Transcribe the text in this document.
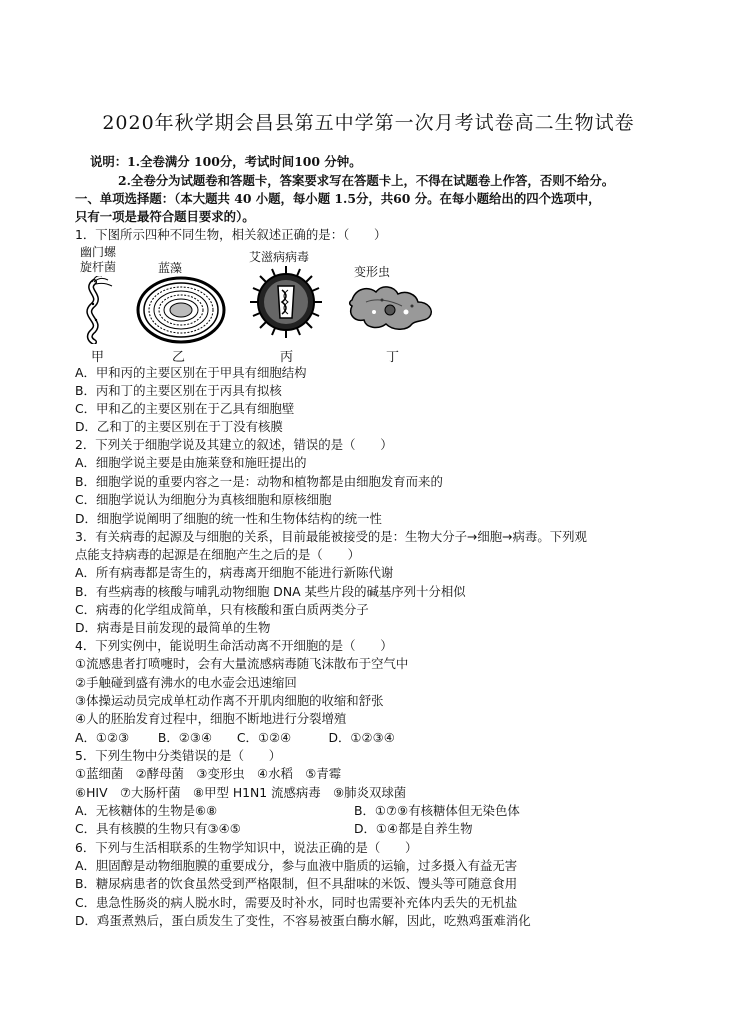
2020年秋学期会昌县第五中学第一次月考试卷高二生物试卷
说明：1.全卷满分 100分，考试时间100 分钟。
2.全卷分为试题卷和答题卡，答案要求写在答题卡上，不得在试题卷上作答，否则不给分。
一、单项选择题：（本大题共 40 小题，每小题 1.5分，共60 分。在每小题给出的四个选项中，
只有一项是最符合题目要求的）。
1．下图所示四种不同生物，相关叙述正确的是：（　　）
幽门螺
旋杆菌	蓝藻
艾滋病病毒
变形虫
甲	乙	丙	丁
A．甲和丙的主要区别在于甲具有细胞结构
B．丙和丁的主要区别在于丙具有拟核
C．甲和乙的主要区别在于乙具有细胞壁
D．乙和丁的主要区别在于丁没有核膜
2．下列关于细胞学说及其建立的叙述，错误的是（　　）
A．细胞学说主要是由施莱登和施旺提出的
B．细胞学说的重要内容之一是：动物和植物都是由细胞发育而来的
C．细胞学说认为细胞分为真核细胞和原核细胞
D．细胞学说阐明了细胞的统一性和生物体结构的统一性
3．有关病毒的起源及与细胞的关系，目前最能被接受的是：生物大分子→细胞→病毒。下列观
点能支持病毒的起源是在细胞产生之后的是（　　）
A．所有病毒都是寄生的，病毒离开细胞不能进行新陈代谢
B．有些病毒的核酸与哺乳动物细胞 DNA 某些片段的碱基序列十分相似
C．病毒的化学组成简单，只有核酸和蛋白质两类分子
D．病毒是目前发现的最简单的生物
4．下列实例中，能说明生命活动离不开细胞的是（　　）
①流感患者打喷嚏时，会有大量流感病毒随飞沫散布于空气中
②手触碰到盛有沸水的电水壶会迅速缩回
③体操运动员完成单杠动作离不开肌肉细胞的收缩和舒张
④人的胚胎发育过程中，细胞不断地进行分裂增殖
A．①②③　　 B．②③④　　C．①②④　　　D．①②③④
5．下列生物中分类错误的是（　　）
①蓝细菌　②酵母菌　③变形虫　④水稻　⑤青霉
⑥HIV　⑦大肠杆菌　⑧甲型 H1N1 流感病毒　⑨肺炎双球菌
A．无核糖体的生物是⑥⑧	B．①⑦⑨有核糖体但无染色体
C．具有核膜的生物只有③④⑤	D．①④都是自养生物
6．下列与生活相联系的生物学知识中，说法正确的是（　　）
A．胆固醇是动物细胞膜的重要成分，参与血液中脂质的运输，过多摄入有益无害
B．糖尿病患者的饮食虽然受到严格限制，但不具甜味的米饭、馒头等可随意食用
C．患急性肠炎的病人脱水时，需要及时补水，同时也需要补充体内丢失的无机盐
D．鸡蛋煮熟后，蛋白质发生了变性，不容易被蛋白酶水解，因此，吃熟鸡蛋难消化
